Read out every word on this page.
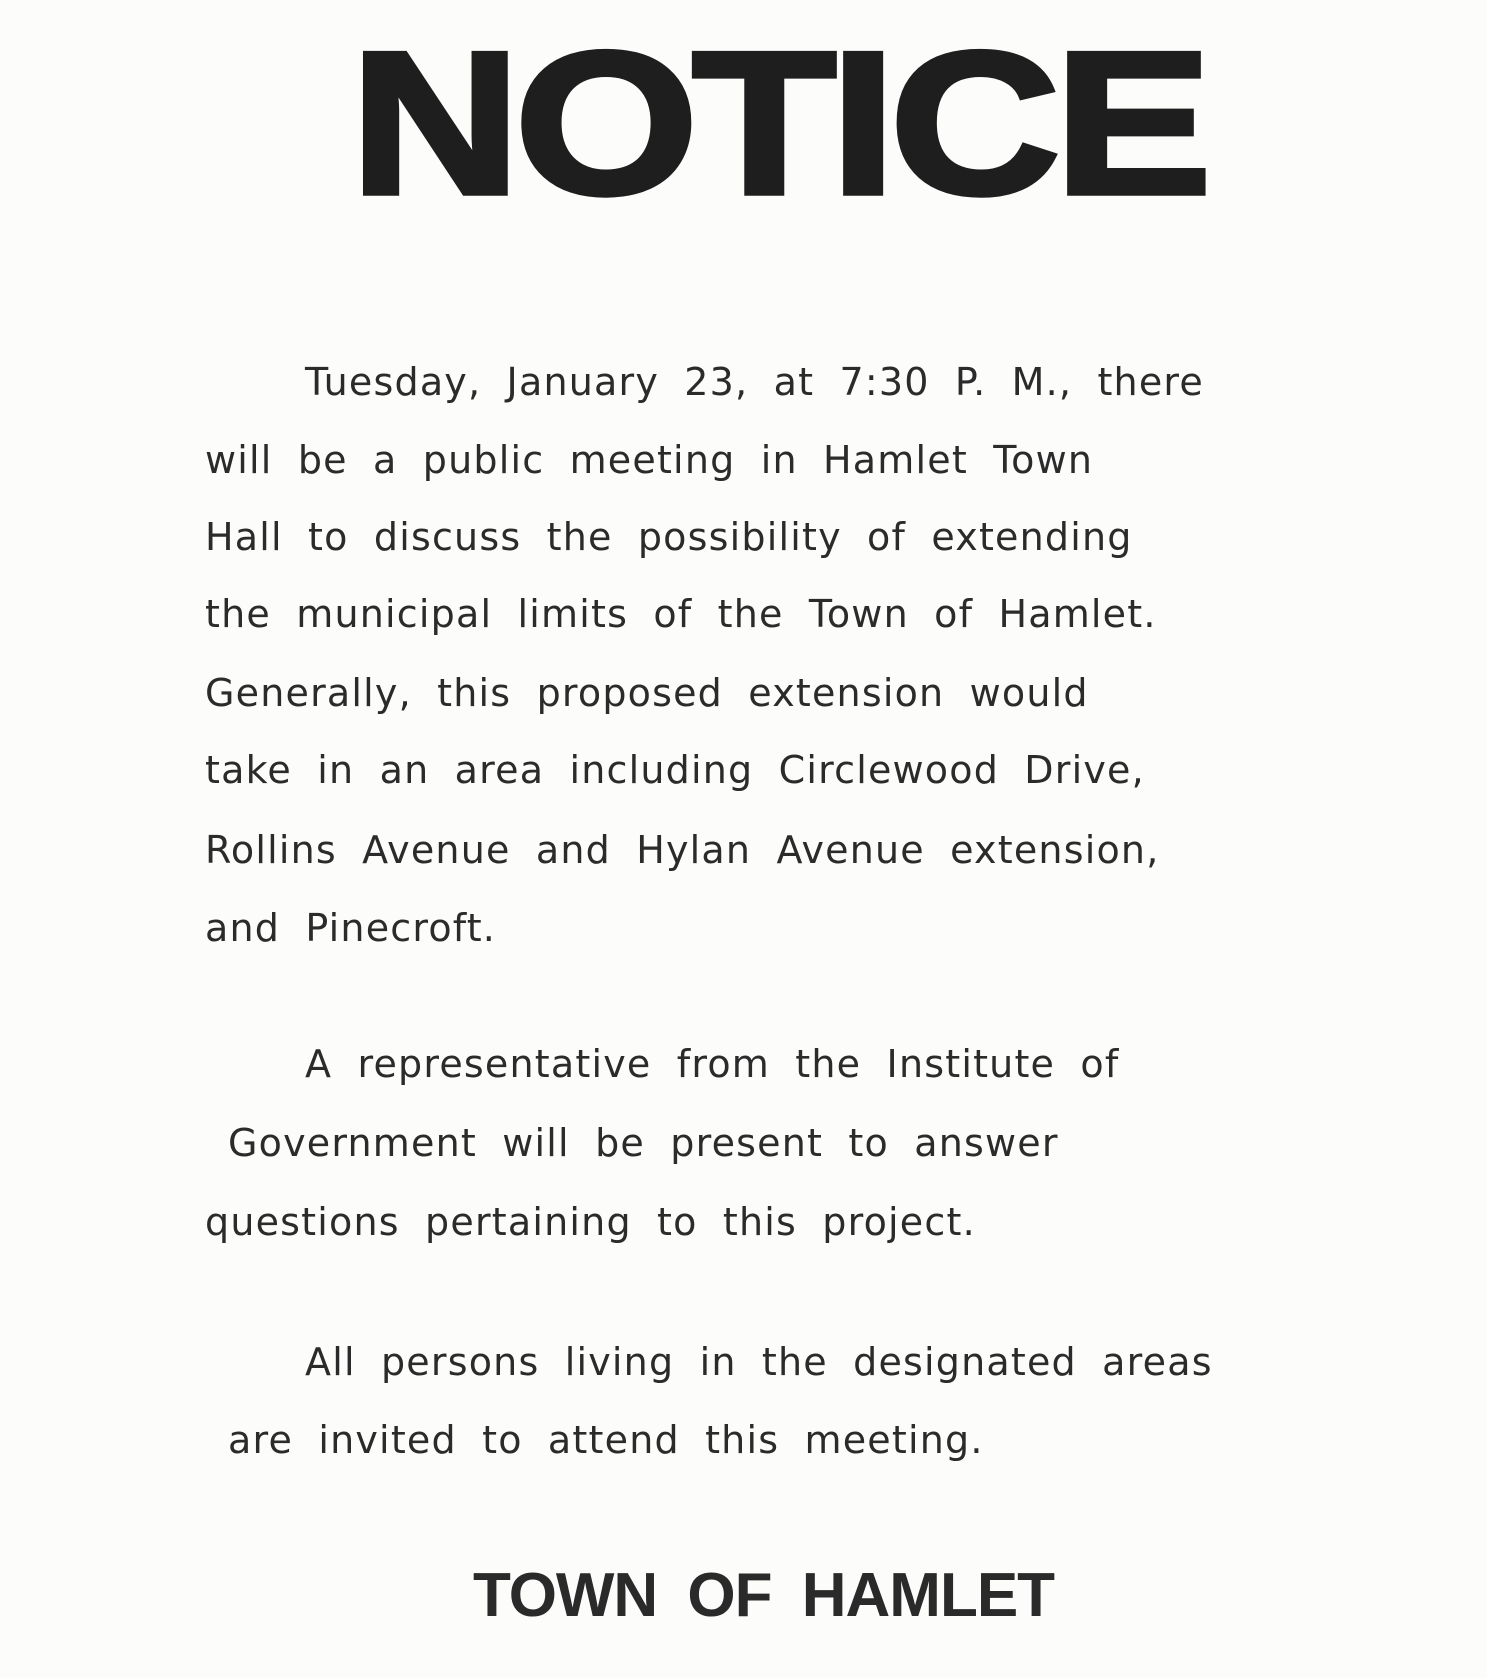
NOTICE
Tuesday, January 23, at 7:30 P. M., there
will be a public meeting in Hamlet Town
Hall to discuss the possibility of extending
the municipal limits of the Town of Hamlet.
Generally, this proposed extension would
take in an area including Circlewood Drive,
Rollins Avenue and Hylan Avenue extension,
and Pinecroft.
A representative from the Institute of
Government will be present to answer
questions pertaining to this project.
All persons living in the designated areas
are invited to attend this meeting.
TOWN OF HAMLET
